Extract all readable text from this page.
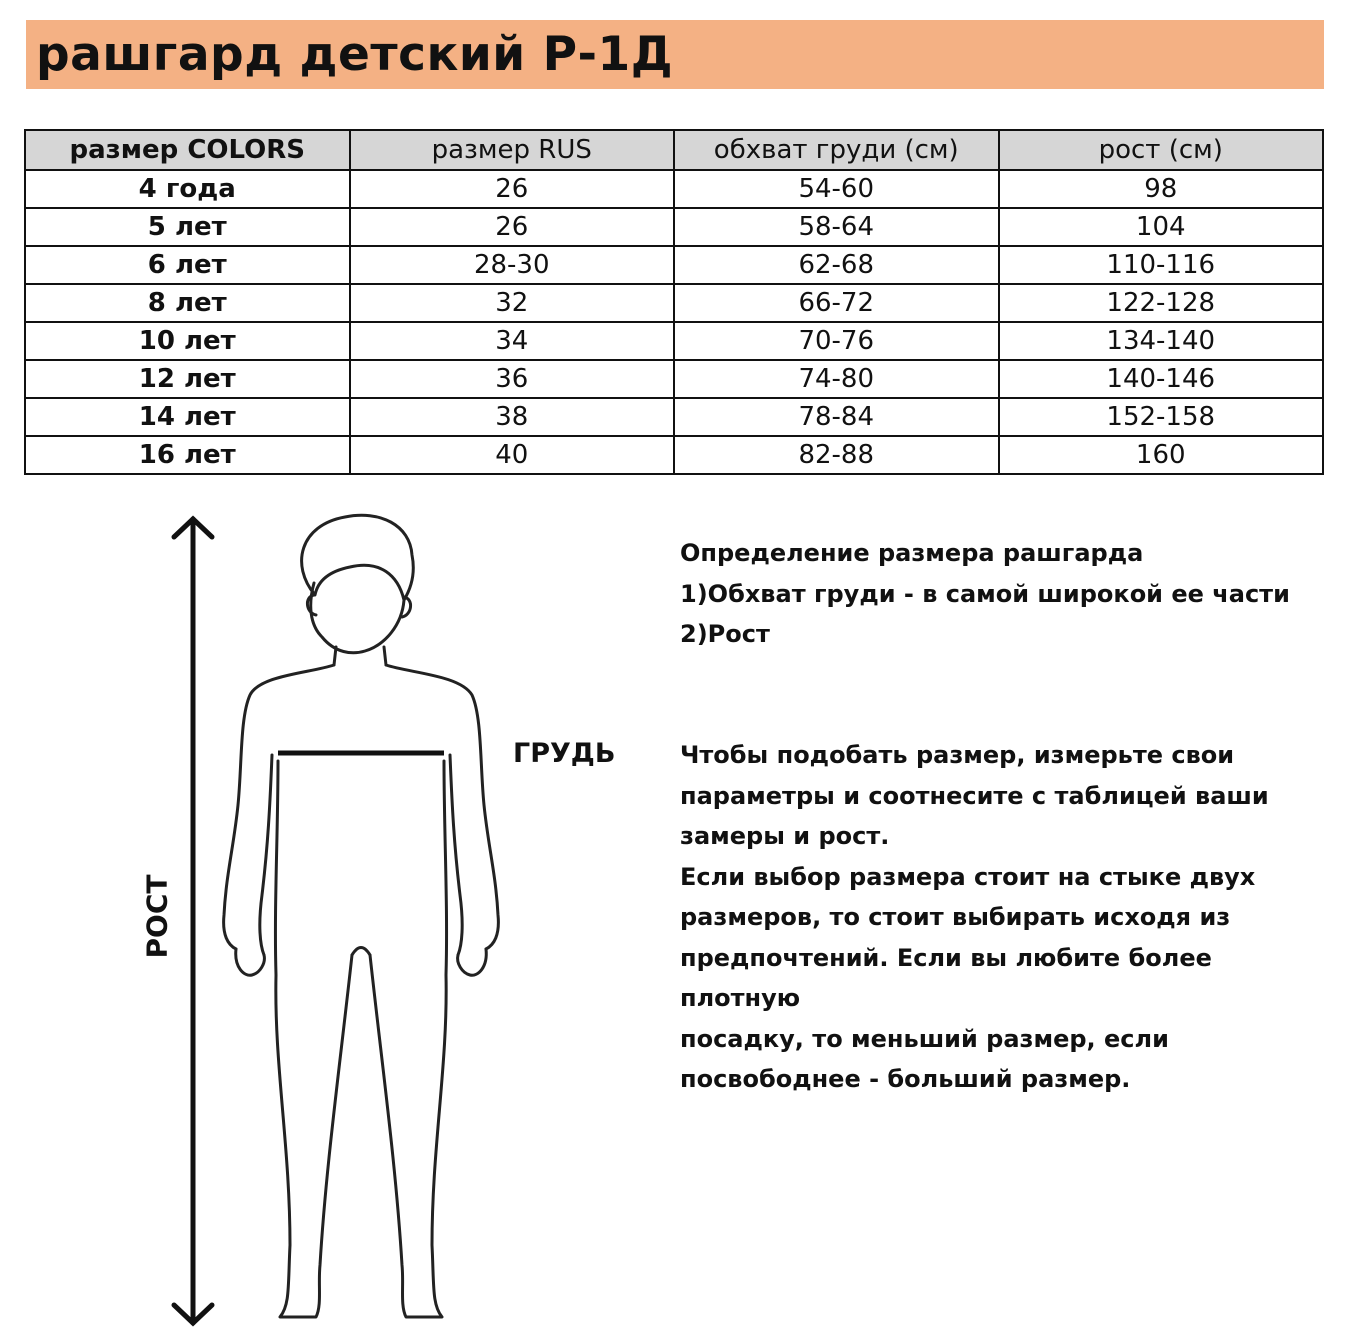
рашгард детский Р-1Д
размер COLORS	размер RUS	обхват груди (см)	рост (см)
4 года	26	54-60	98
5 лет	26	58-64	104
6 лет	28-30	62-68	110-116
8 лет	32	66-72	122-128
10 лет	34	70-76	134-140
12 лет	36	74-80	140-146
14 лет	38	78-84	152-158
16 лет	40	82-88	160
РОСТ
ГРУДЬ

Определение размера рашгарда

1)Обхват груди - в самой широкой ее части

2)Рост

Чтобы подобать размер, измерьте свои

параметры и соотнесите с таблицей ваши

замеры и рост.

Если выбор размера стоит на стыке двух

размеров, то стоит выбирать исходя из

предпочтений. Если вы любите более плотную

посадку, то меньший размер, если

посвободнее - больший размер.
